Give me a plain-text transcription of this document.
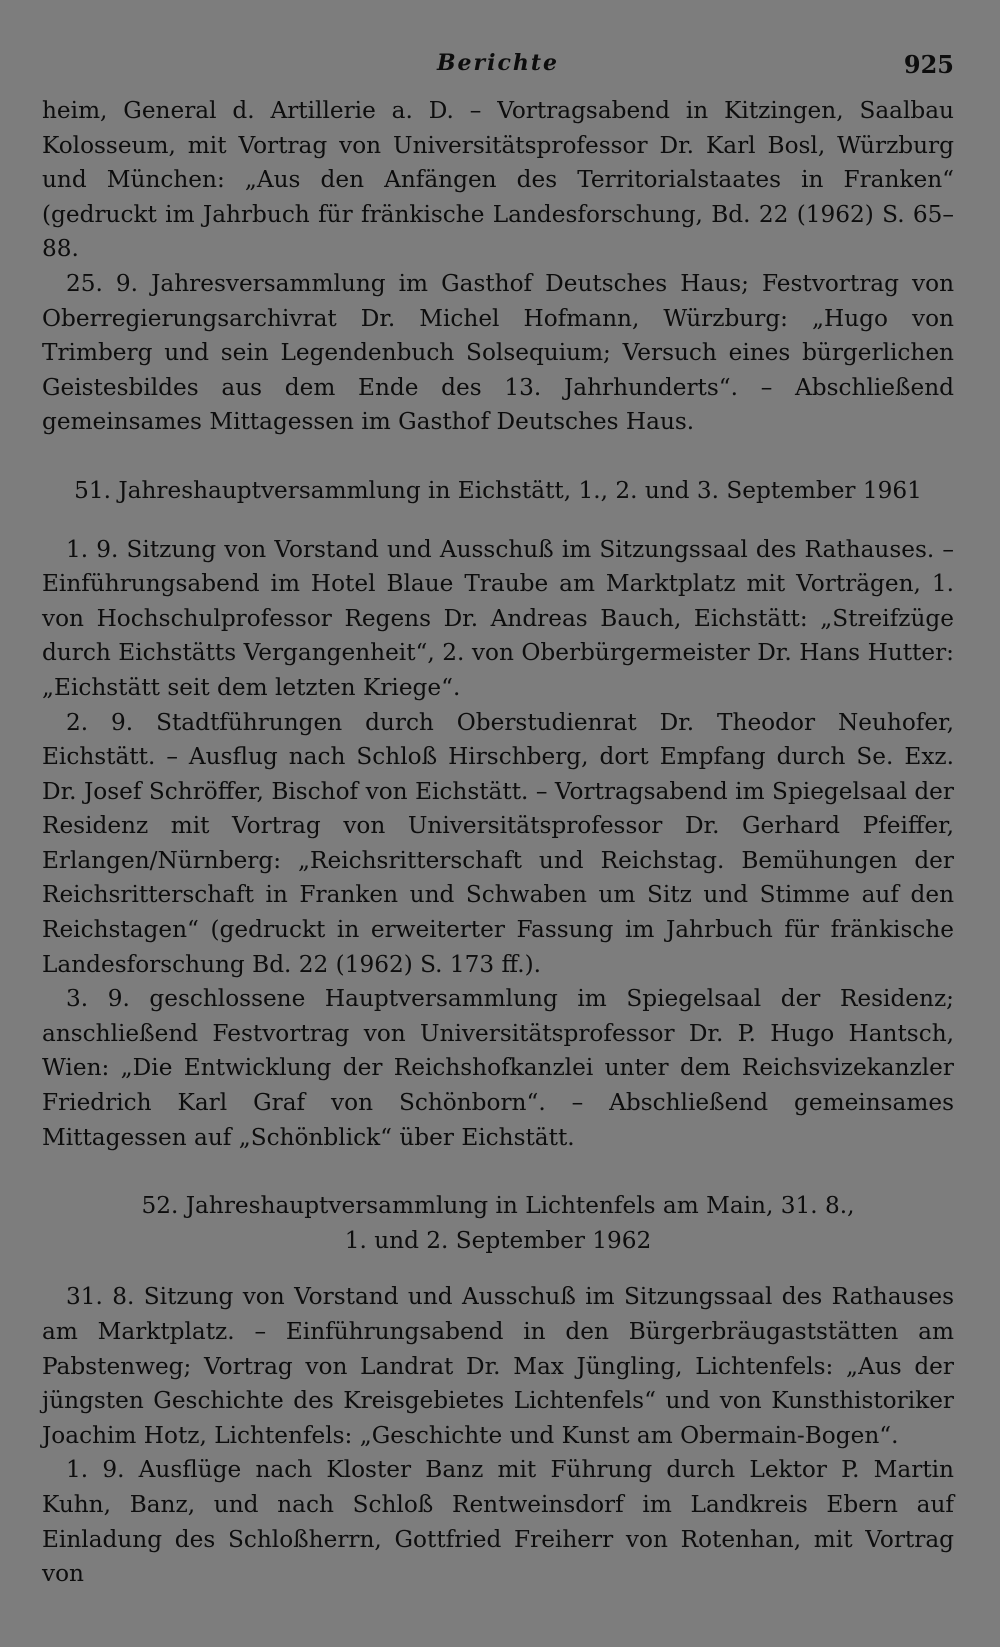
Berichte	925

heim, General d. Artillerie a. D. – Vortragsabend in Kitzingen, Saalbau Kolosseum, mit Vortrag von Universitätsprofessor Dr. Karl Bosl, Würzburg und München: „Aus den Anfängen des Territorialstaates in Franken“ (gedruckt im Jahrbuch für fränkische Landesforschung, Bd. 22 (1962) S. 65–88.

25. 9. Jahresversammlung im Gasthof Deutsches Haus; Festvortrag von Oberregierungsarchivrat Dr. Michel Hofmann, Würzburg: „Hugo von Trimberg und sein Legendenbuch Solsequium; Versuch eines bürgerlichen Geistesbildes aus dem Ende des 13. Jahrhunderts“. – Abschließend gemeinsames Mittagessen im Gasthof Deutsches Haus.

51. Jahreshauptversammlung in Eichstätt, 1., 2. und 3. September 1961

1. 9. Sitzung von Vorstand und Ausschuß im Sitzungssaal des Rathauses. – Einführungsabend im Hotel Blaue Traube am Marktplatz mit Vorträgen, 1. von Hochschulprofessor Regens Dr. Andreas Bauch, Eichstätt: „Streifzüge durch Eichstätts Vergangenheit“, 2. von Oberbürgermeister Dr. Hans Hutter: „Eichstätt seit dem letzten Kriege“.

2. 9. Stadtführungen durch Oberstudienrat Dr. Theodor Neuhofer, Eichstätt. – Ausflug nach Schloß Hirschberg, dort Empfang durch Se. Exz. Dr. Josef Schröffer, Bischof von Eichstätt. – Vortragsabend im Spiegelsaal der Residenz mit Vortrag von Universitätsprofessor Dr. Gerhard Pfeiffer, Erlangen/Nürnberg: „Reichsritterschaft und Reichstag. Bemühungen der Reichsritterschaft in Franken und Schwaben um Sitz und Stimme auf den Reichstagen“ (gedruckt in erweiterter Fassung im Jahrbuch für fränkische Landesforschung Bd. 22 (1962) S. 173 ff.).

3. 9. geschlossene Hauptversammlung im Spiegelsaal der Residenz; anschließend Festvortrag von Universitätsprofessor Dr. P. Hugo Hantsch, Wien: „Die Entwicklung der Reichshofkanzlei unter dem Reichsvizekanzler Friedrich Karl Graf von Schönborn“. – Abschließend gemeinsames Mittagessen auf „Schönblick“ über Eichstätt.

52. Jahreshauptversammlung in Lichtenfels am Main, 31. 8.,
1. und 2. September 1962

31. 8. Sitzung von Vorstand und Ausschuß im Sitzungssaal des Rathauses am Marktplatz. – Einführungsabend in den Bürgerbräugaststätten am Pabstenweg; Vortrag von Landrat Dr. Max Jüngling, Lichtenfels: „Aus der jüngsten Geschichte des Kreisgebietes Lichtenfels“ und von Kunsthistoriker Joachim Hotz, Lichtenfels: „Geschichte und Kunst am Obermain-Bogen“.

1. 9. Ausflüge nach Kloster Banz mit Führung durch Lektor P. Martin Kuhn, Banz, und nach Schloß Rentweinsdorf im Landkreis Ebern auf Einladung des Schloßherrn, Gottfried Freiherr von Rotenhan, mit Vortrag von
